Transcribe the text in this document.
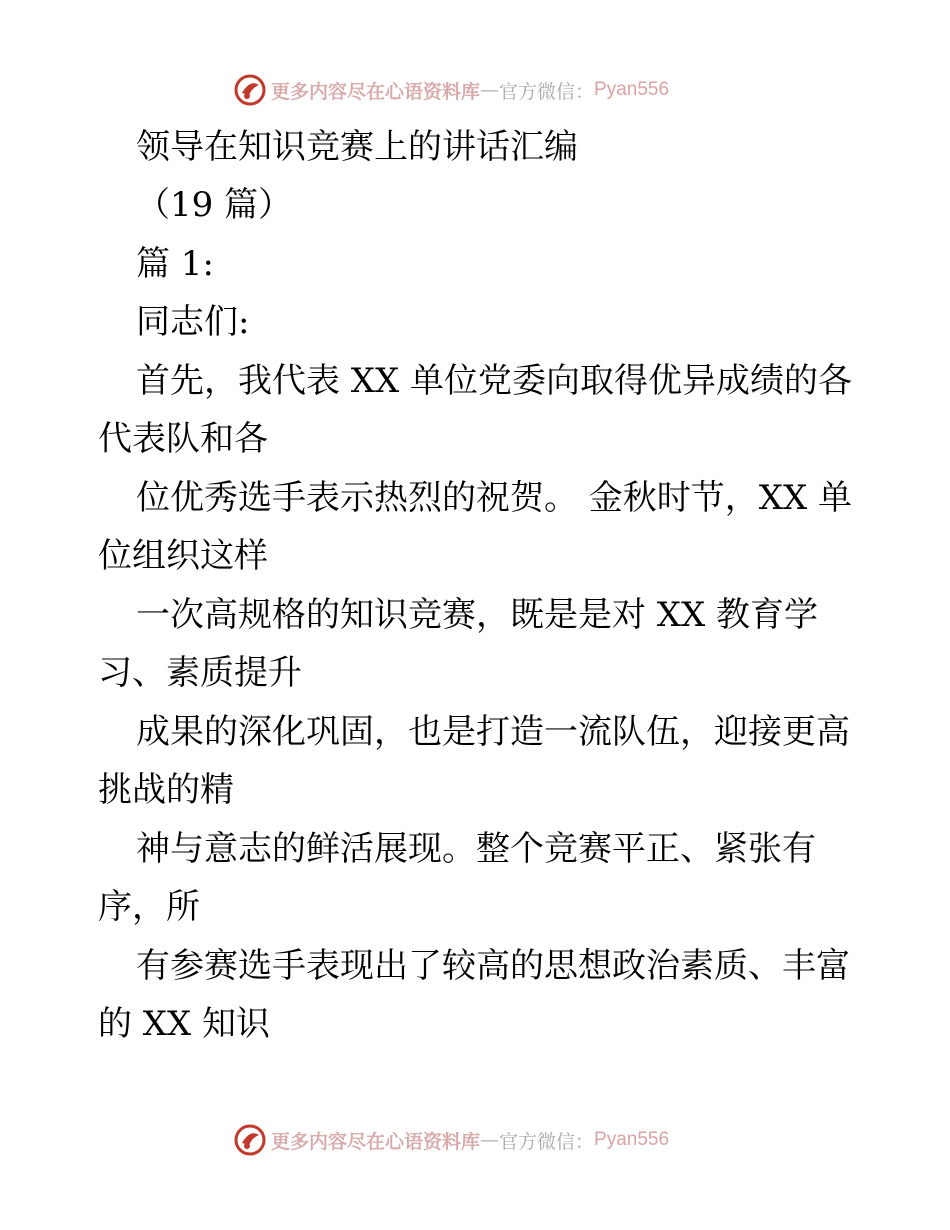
更多内容尽在心语资料库 — 官方微信： Pyan556
领导在知识竞赛上的讲话汇编
（19 篇）
篇 1:
同志们:
首先，我代表 XX 单位党委向取得优异成绩的各
代表队和各
位优秀选手表示热烈的祝贺。 金秋时节，XX 单
位组织这样
一次高规格的知识竞赛，既是是对 XX 教育学
习、素质提升
成果的深化巩固，也是打造一流队伍，迎接更高
挑战的精
神与意志的鲜活展现。整个竞赛平正、紧张有
序，所
有参赛选手表现出了较高的思想政治素质、丰富
的 XX 知识
更多内容尽在心语资料库 — 官方微信： Pyan556
